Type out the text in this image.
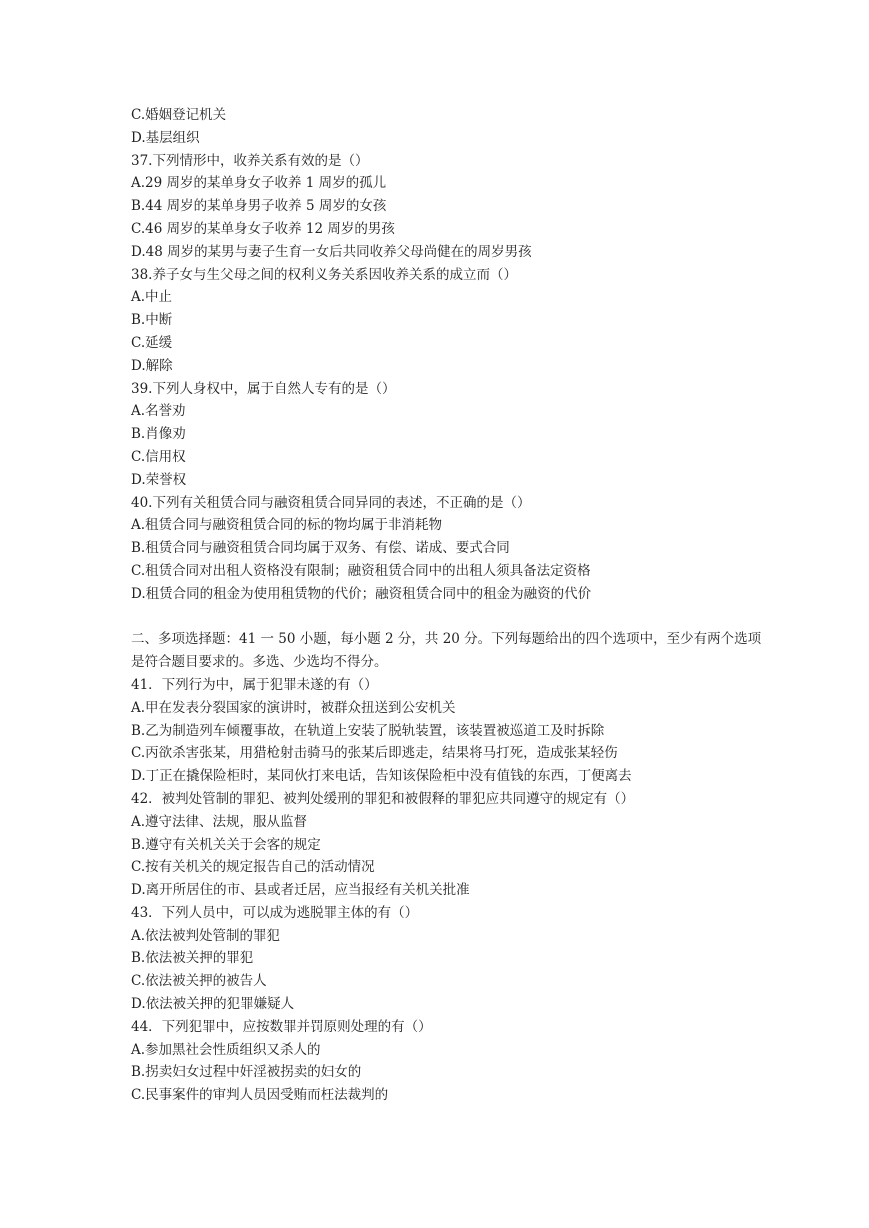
C.婚姻登记机关
D.基层组织
37.下列情形中，收养关系有效的是（）
A.29 周岁的某单身女子收养 1 周岁的孤儿
B.44 周岁的某单身男子收养 5 周岁的女孩
C.46 周岁的某单身女子收养 12 周岁的男孩
D.48 周岁的某男与妻子生育一女后共同收养父母尚健在的周岁男孩
38.养子女与生父母之间的权利义务关系因收养关系的成立而（）
A.中止
B.中断
C.延缓
D.解除
39.下列人身权中，属于自然人专有的是（）
A.名誉劝
B.肖像劝
C.信用权
D.荣誉权
40.下列有关租赁合同与融资租赁合同异同的表述，不正确的是（）
A.租赁合同与融资租赁合同的标的物均属于非消耗物
B.租赁合同与融资租赁合同均属于双务、有偿、诺成、要式合同
C.租赁合同对出租人资格没有限制；融资租赁合同中的出租人须具备法定资格
D.租赁合同的租金为使用租赁物的代价；融资租赁合同中的租金为融资的代价
二、多项选择题：41 一 50 小题，每小题 2 分，共 20 分。下列每题给出的四个选项中，至少有两个选项是符合题目要求的。多选、少选均不得分。
41．下列行为中，属于犯罪未遂的有（）
A.甲在发表分裂国家的演讲时，被群众扭送到公安机关
B.乙为制造列车倾覆事故，在轨道上安装了脱轨装置，该装置被巡道工及时拆除
C.丙欲杀害张某，用猎枪射击骑马的张某后即逃走，结果将马打死，造成张某轻伤
D.丁正在撬保险柜时，某同伙打来电话，告知该保险柜中没有值钱的东西，丁便离去
42．被判处管制的罪犯、被判处缓刑的罪犯和被假释的罪犯应共同遵守的规定有（）
A.遵守法律、法规，服从监督
B.遵守有关机关关于会客的规定
C.按有关机关的规定报告自己的活动情况
D.离开所居住的市、县或者迁居，应当报经有关机关批准
43．下列人员中，可以成为逃脱罪主体的有（）
A.依法被判处管制的罪犯
B.依法被关押的罪犯
C.依法被关押的被告人
D.依法被关押的犯罪嫌疑人
44．下列犯罪中，应按数罪并罚原则处理的有（）
A.参加黑社会性质组织又杀人的
B.拐卖妇女过程中奸淫被拐卖的妇女的
C.民事案件的审判人员因受贿而枉法裁判的
